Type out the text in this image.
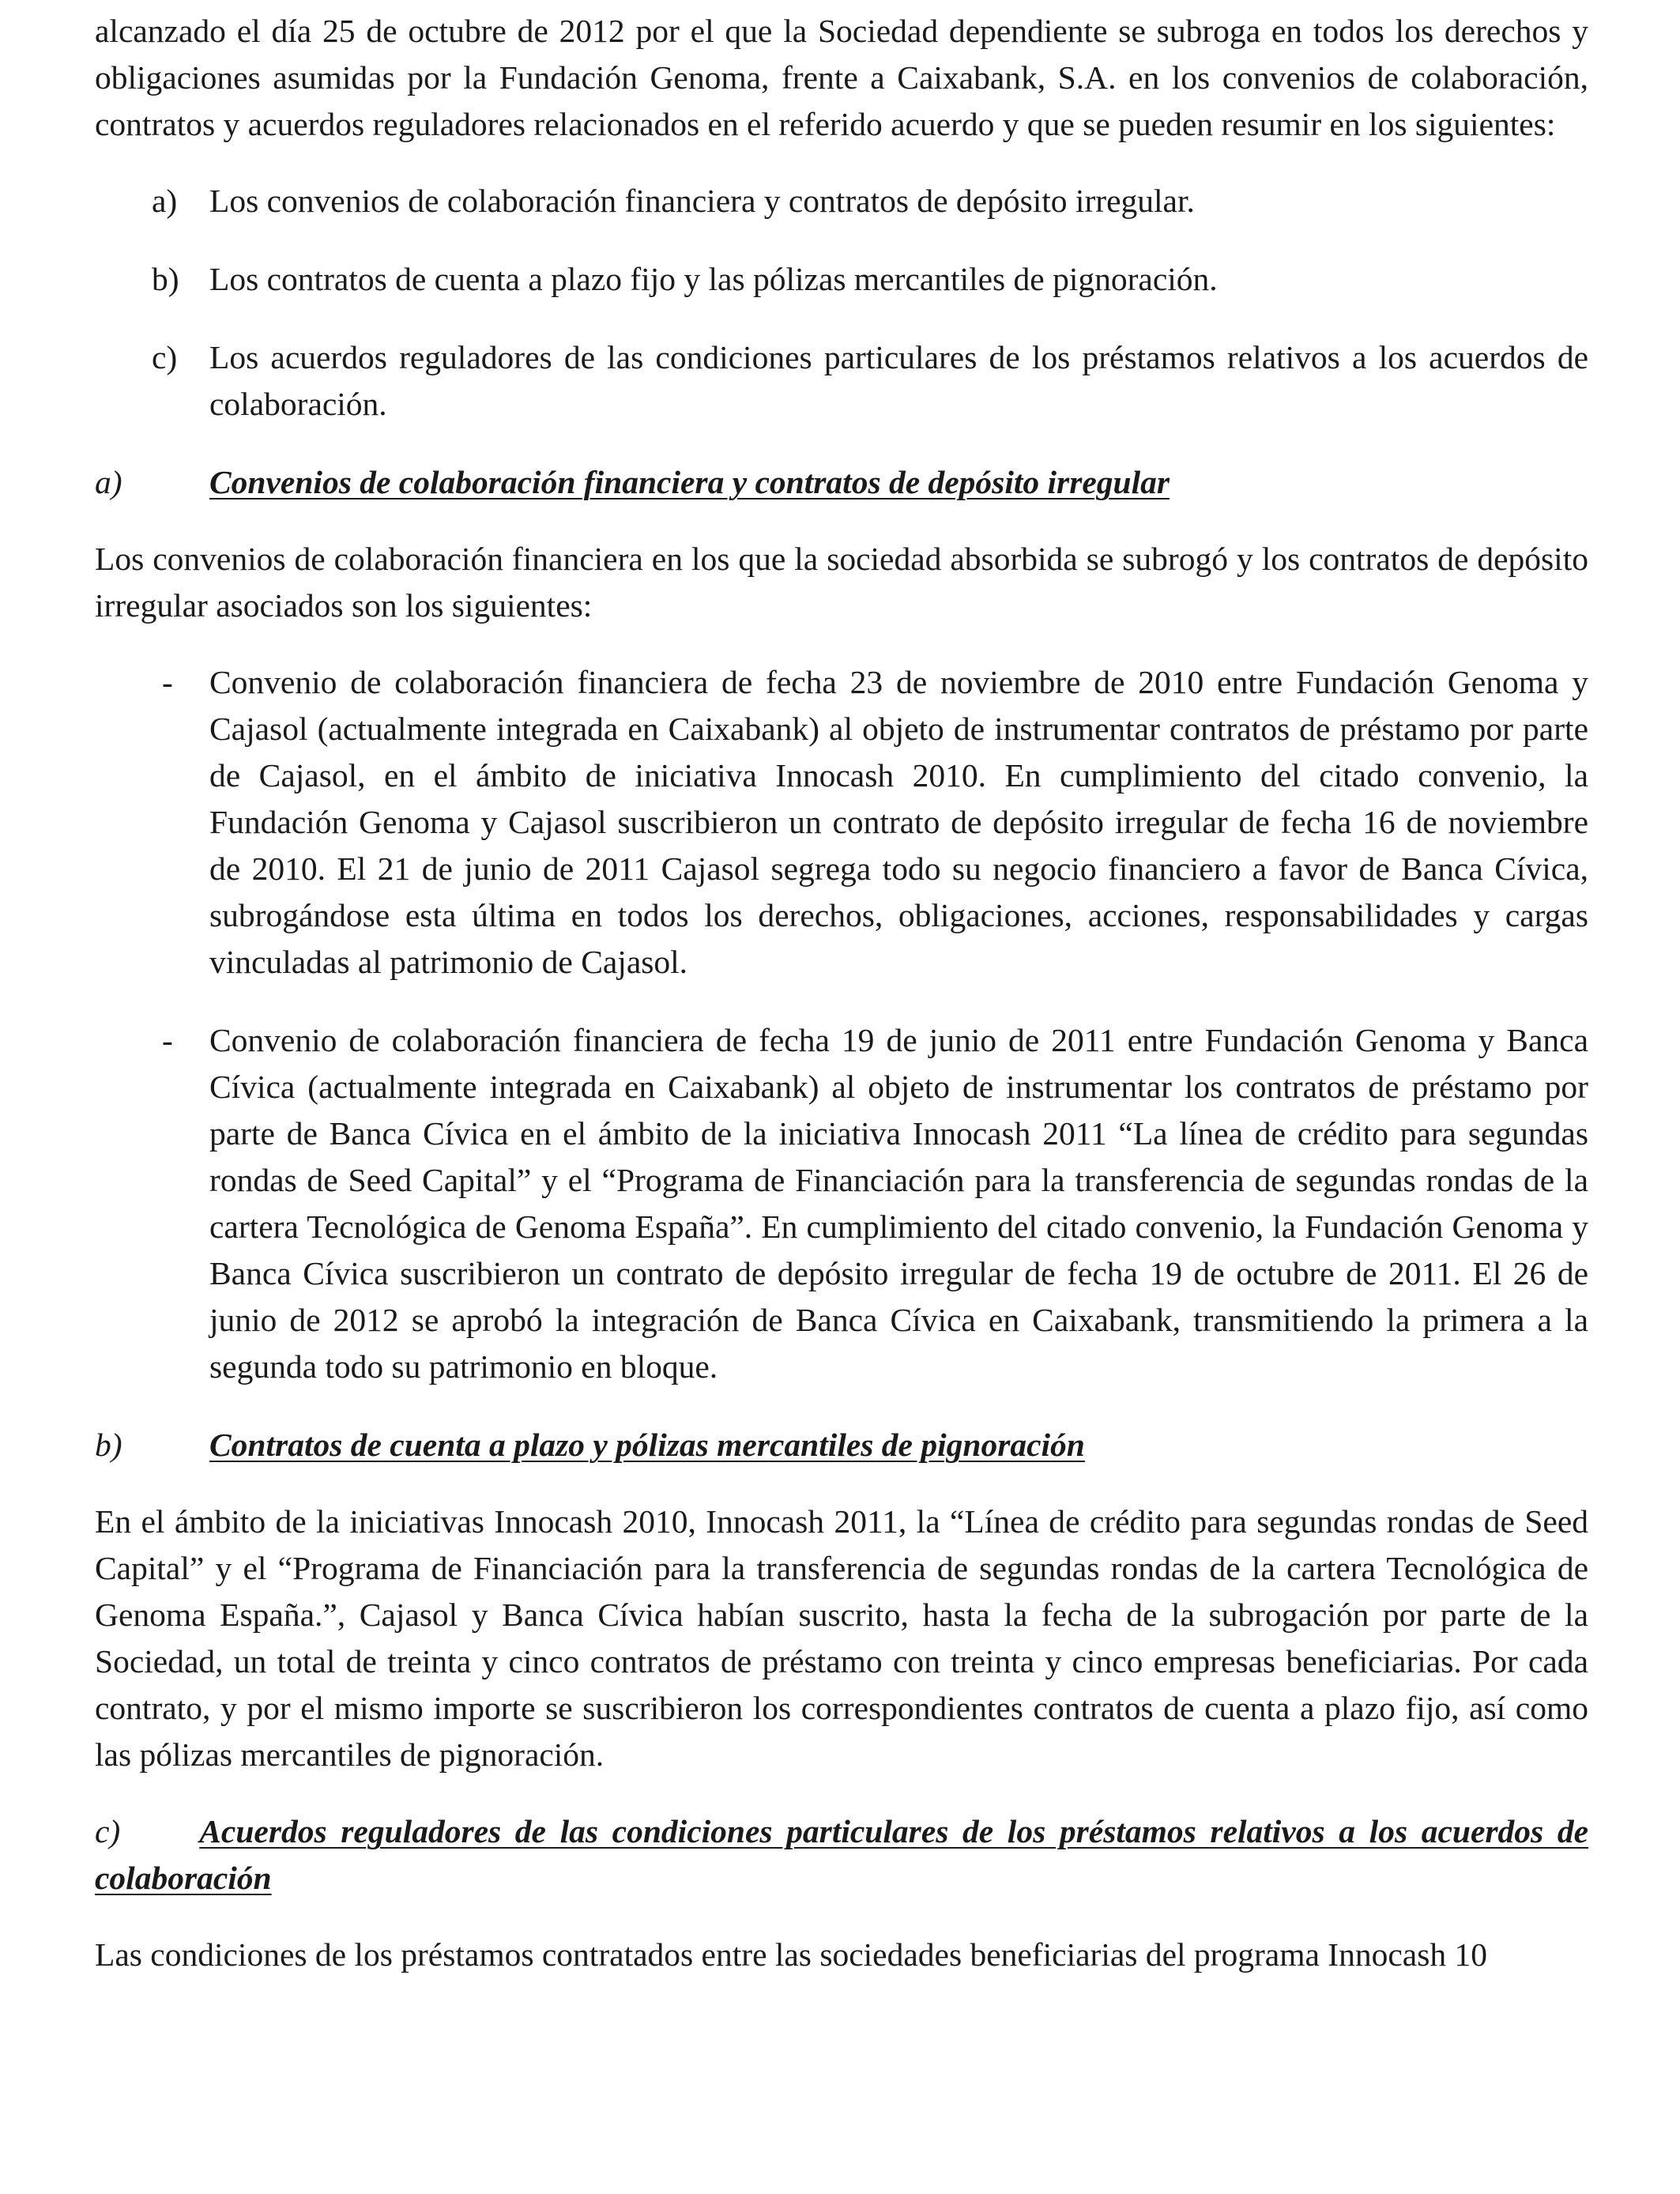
alcanzado el día 25 de octubre de 2012 por el que la Sociedad dependiente se subroga en todos los derechos y obligaciones asumidas por la Fundación Genoma, frente a Caixabank, S.A. en los convenios de colaboración, contratos y acuerdos reguladores relacionados en el referido acuerdo y que se pueden resumir en los siguientes:

a) Los convenios de colaboración financiera y contratos de depósito irregular.
b) Los contratos de cuenta a plazo fijo y las pólizas mercantiles de pignoración.
c) Los acuerdos reguladores de las condiciones particulares de los préstamos relativos a los acuerdos de colaboración.
a)	Convenios de colaboración financiera y contratos de depósito irregular

Los convenios de colaboración financiera en los que la sociedad absorbida se subrogó y los contratos de depósito irregular asociados son los siguientes:

- Convenio de colaboración financiera de fecha 23 de noviembre de 2010 entre Fundación Genoma y Cajasol (actualmente integrada en Caixabank) al objeto de instrumentar contratos de préstamo por parte de Cajasol, en el ámbito de iniciativa Innocash 2010. En cumplimiento del citado convenio, la Fundación Genoma y Cajasol suscribieron un contrato de depósito irregular de fecha 16 de noviembre de 2010. El 21 de junio de 2011 Cajasol segrega todo su negocio financiero a favor de Banca Cívica, subrogándose esta última en todos los derechos, obligaciones, acciones, responsabilidades y cargas vinculadas al patrimonio de Cajasol.
- Convenio de colaboración financiera de fecha 19 de junio de 2011 entre Fundación Genoma y Banca Cívica (actualmente integrada en Caixabank) al objeto de instrumentar los contratos de préstamo por parte de Banca Cívica en el ámbito de la iniciativa Innocash 2011 “La línea de crédito para segundas rondas de Seed Capital” y el “Programa de Financiación para la transferencia de segundas rondas de la cartera Tecnológica de Genoma España”. En cumplimiento del citado convenio, la Fundación Genoma y Banca Cívica suscribieron un contrato de depósito irregular de fecha 19 de octubre de 2011. El 26 de junio de 2012 se aprobó la integración de Banca Cívica en Caixabank, transmitiendo la primera a la segunda todo su patrimonio en bloque.
b)	Contratos de cuenta a plazo y pólizas mercantiles de pignoración

En el ámbito de la iniciativas Innocash 2010, Innocash 2011, la “Línea de crédito para segundas rondas de Seed Capital” y el “Programa de Financiación para la transferencia de segundas rondas de la cartera Tecnológica de Genoma España.”, Cajasol y Banca Cívica habían suscrito, hasta la fecha de la subrogación por parte de la Sociedad, un total de treinta y cinco contratos de préstamo con treinta y cinco empresas beneficiarias. Por cada contrato, y por el mismo importe se suscribieron los correspondientes contratos de cuenta a plazo fijo, así como las pólizas mercantiles de pignoración.

c) Acuerdos reguladores de las condiciones particulares de los préstamos relativos a los acuerdos de colaboración

Las condiciones de los préstamos contratados entre las sociedades beneficiarias del programa Innocash 10
